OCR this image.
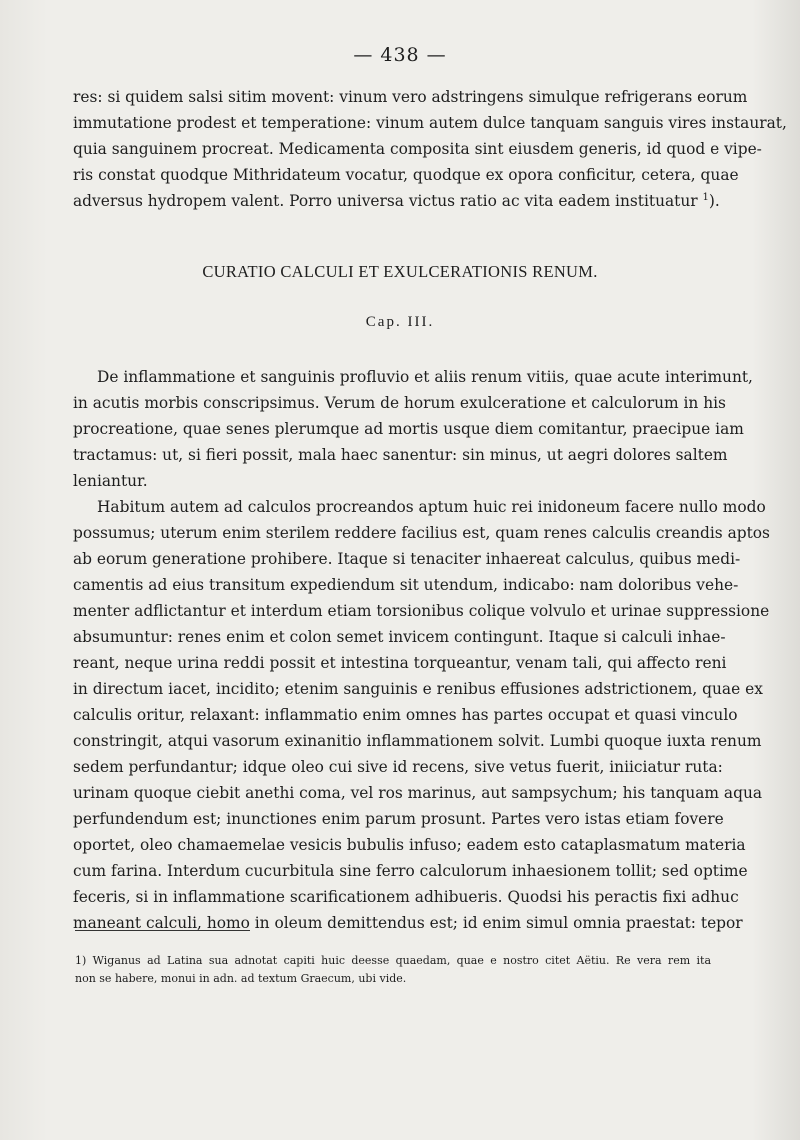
— 438 —
res: si quidem salsi sitim movent: vinum vero adstringens simulque refrigerans eorum
immutatione prodest et temperatione: vinum autem dulce tanquam sanguis vires instaurat,
quia sanguinem procreat. Medicamenta composita sint eiusdem generis, id quod e vipe-
ris constat quodque Mithridateum vocatur, quodque ex opora conficitur, cetera, quae
adversus hydropem valent. Porro universa victus ratio ac vita eadem instituatur $^1$).
CURATIO CALCULI ET EXULCERATIONIS RENUM.
Cap. III.
De inflammatione et sanguinis profluvio et aliis renum vitiis, quae acute interimunt,
in acutis morbis conscripsimus. Verum de horum exulceratione et calculorum in his
procreatione, quae senes plerumque ad mortis usque diem comitantur, praecipue iam
tractamus: ut, si fieri possit, mala haec sanentur: sin minus, ut aegri dolores saltem
leniantur.
Habitum autem ad calculos procreandos aptum huic rei inidoneum facere nullo modo
possumus; uterum enim sterilem reddere facilius est, quam renes calculis creandis aptos
ab eorum generatione prohibere. Itaque si tenaciter inhaereat calculus, quibus medi-
camentis ad eius transitum expediendum sit utendum, indicabo: nam doloribus vehe-
menter adflictantur et interdum etiam torsionibus colique volvulo et urinae suppressione
absumuntur: renes enim et colon semet invicem contingunt. Itaque si calculi inhae-
reant, neque urina reddi possit et intestina torqueantur, venam tali, qui affecto reni
in directum iacet, incidito; etenim sanguinis e renibus effusiones adstrictionem, quae ex
calculis oritur, relaxant: inflammatio enim omnes has partes occupat et quasi vinculo
constringit, atqui vasorum exinanitio inflammationem solvit. Lumbi quoque iuxta renum
sedem perfundantur; idque oleo cui sive id recens, sive vetus fuerit, iniiciatur ruta:
urinam quoque ciebit anethi coma, vel ros marinus, aut sampsychum; his tanquam aqua
perfundendum est; inunctiones enim parum prosunt. Partes vero istas etiam fovere
oportet, oleo chamaemelae vesicis bubulis infuso; eadem esto cataplasmatum materia
cum farina. Interdum cucurbitula sine ferro calculorum inhaesionem tollit; sed optime
feceris, si in inflammatione scarificationem adhibueris. Quodsi his peractis fixi adhuc
maneant calculi, homo in oleum demittendus est; id enim simul omnia praestat: tepor
1) Wiganus ad Latina sua adnotat capiti huic deesse quaedam, quae e nostro citet Aëtiu. Re vera rem ita
non se habere, monui in adn. ad textum Graecum, ubi vide.
